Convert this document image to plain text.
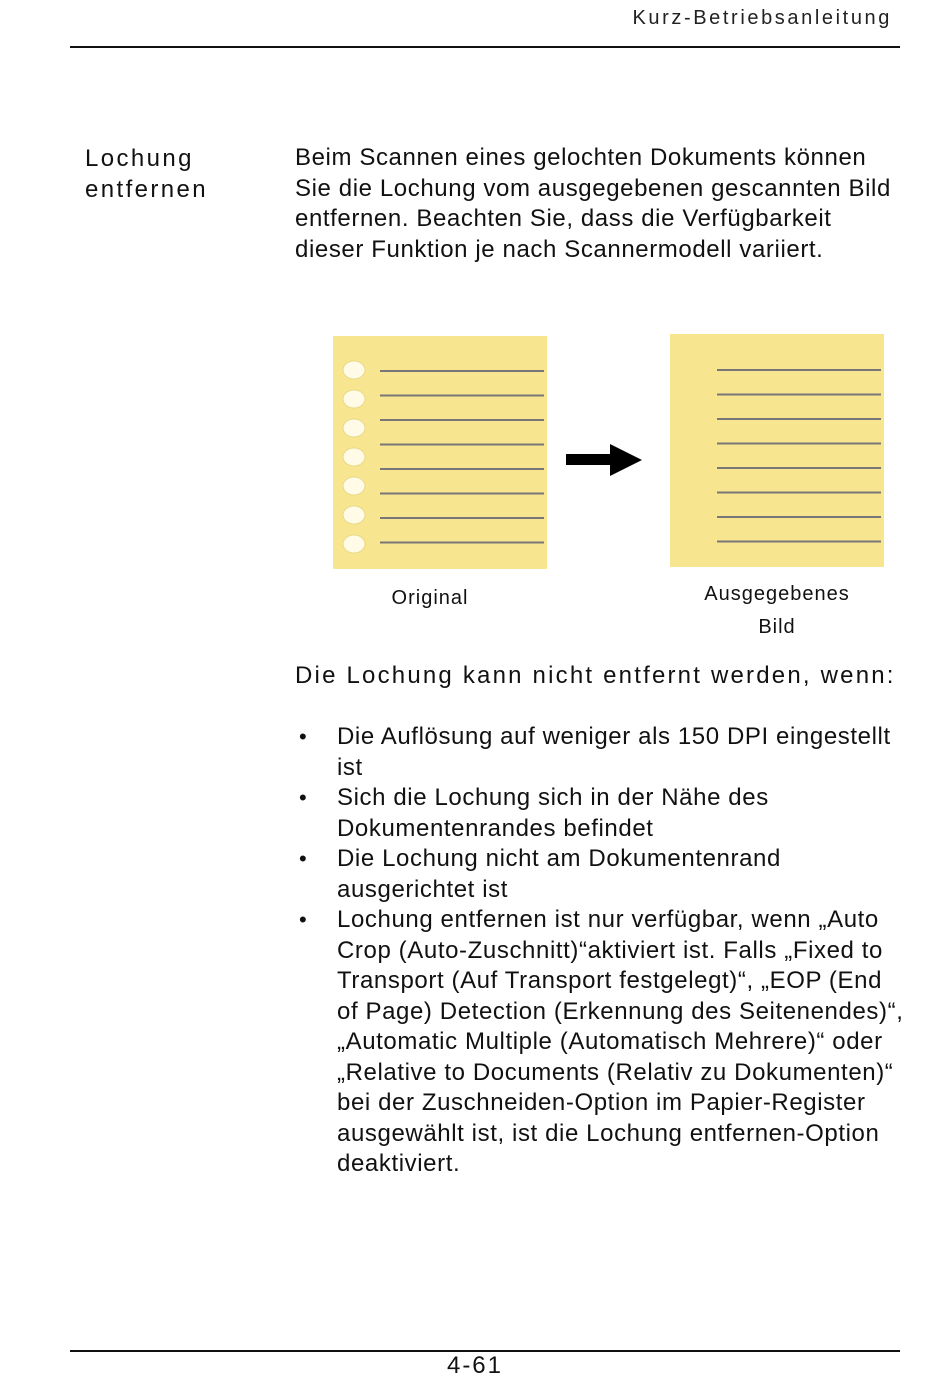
Kurz-Betriebsanleitung
Lochung
entfernen
Beim Scannen eines gelochten Dokuments können Sie die Lochung vom ausgegebenen gescannten Bild entfernen. Beachten Sie, dass die Verfügbarkeit dieser Funktion je nach Scannermodell variiert.
Original	Ausgegebenes
Bild
Die Lochung kann nicht entfernt werden, wenn:
• Die Auflösung auf weniger als 150 DPI eingestellt ist
• Sich die Lochung sich in der Nähe des Dokumentenrandes befindet
• Die Lochung nicht am Dokumentenrand ausgerichtet ist
• Lochung entfernen ist nur verfügbar, wenn „Auto Crop (Auto-Zuschnitt)“aktiviert ist. Falls „Fixed to Transport (Auf Transport festgelegt)“, „EOP (End of Page) Detection (Erkennung des Seitenendes)“, „Automatic Multiple (Automatisch Mehrere)“ oder „Relative to Documents (Relativ zu Dokumenten)“ bei der Zuschneiden-Option im Papier-Register ausgewählt ist, ist die Lochung entfernen-Option deaktiviert.
4-61
